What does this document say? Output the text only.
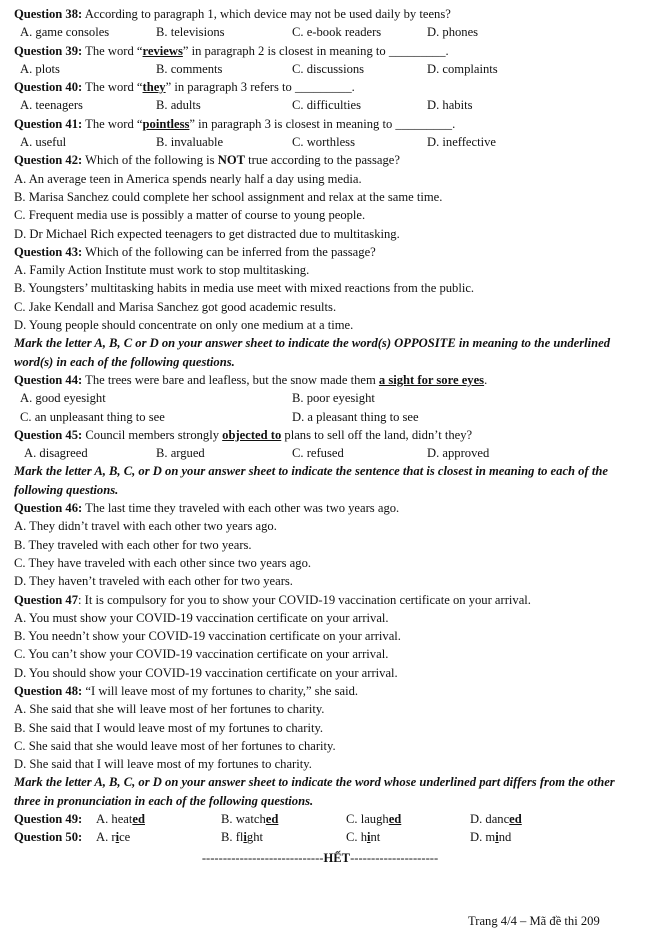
Question 38: According to paragraph 1, which device may not be used daily by teens?
A. game consoles	B. televisions	C. e-book readers	D. phones
Question 39: The word “reviews” in paragraph 2 is closest in meaning to _________.
A. plots	B. comments	C. discussions	D. complaints
Question 40: The word “they” in paragraph 3 refers to _________.
A. teenagers	B. adults	C. difficulties	D. habits
Question 41: The word “pointless” in paragraph 3 is closest in meaning to _________.
A. useful	B. invaluable	C. worthless	D. ineffective
Question 42: Which of the following is NOT true according to the passage?
A. An average teen in America spends nearly half a day using media.
B. Marisa Sanchez could complete her school assignment and relax at the same time.
C. Frequent media use is possibly a matter of course to young people.
D. Dr Michael Rich expected teenagers to get distracted due to multitasking.
Question 43: Which of the following can be inferred from the passage?
A. Family Action Institute must work to stop multitasking.
B. Youngsters’ multitasking habits in media use meet with mixed reactions from the public.
C. Jake Kendall and Marisa Sanchez got good academic results.
D. Young people should concentrate on only one medium at a time.
Mark the letter A, B, C or D on your answer sheet to indicate the word(s) OPPOSITE in meaning to the underlined word(s) in each of the following questions.
Question 44: The trees were bare and leafless, but the snow made them a sight for sore eyes.
A. good eyesight	B. poor eyesight
C. an unpleasant thing to see	D. a pleasant thing to see
Question 45: Council members strongly objected to plans to sell off the land, didn’t they?
A. disagreed	B. argued	C. refused	D. approved
Mark the letter A, B, C, or D on your answer sheet to indicate the sentence that is closest in meaning to each of the following questions.
Question 46: The last time they traveled with each other was two years ago.
A. They didn’t travel with each other two years ago.
B. They traveled with each other for two years.
C. They have traveled with each other since two years ago.
D. They haven’t traveled with each other for two years.
Question 47: It is compulsory for you to show your COVID-19 vaccination certificate on your arrival.
A. You must show your COVID-19 vaccination certificate on your arrival.
B. You needn’t show your COVID-19 vaccination certificate on your arrival.
C. You can’t show your COVID-19 vaccination certificate on your arrival.
D. You should show your COVID-19 vaccination certificate on your arrival.
Question 48: “I will leave most of my fortunes to charity,” she said.
A. She said that she will leave most of her fortunes to charity.
B. She said that I would leave most of my fortunes to charity.
C. She said that she would leave most of her fortunes to charity.
D. She said that I will leave most of my fortunes to charity.
Mark the letter A, B, C, or D on your answer sheet to indicate the word whose underlined part differs from the other three in pronunciation in each of the following questions.
Question 49: A. heated	B. watched	C. laughed	D. danced
Question 50: A. rice	B. flight	C. hint	D. mind
-----------------------------HẾT---------------------
Trang 4/4 – Mã đề thi 209
